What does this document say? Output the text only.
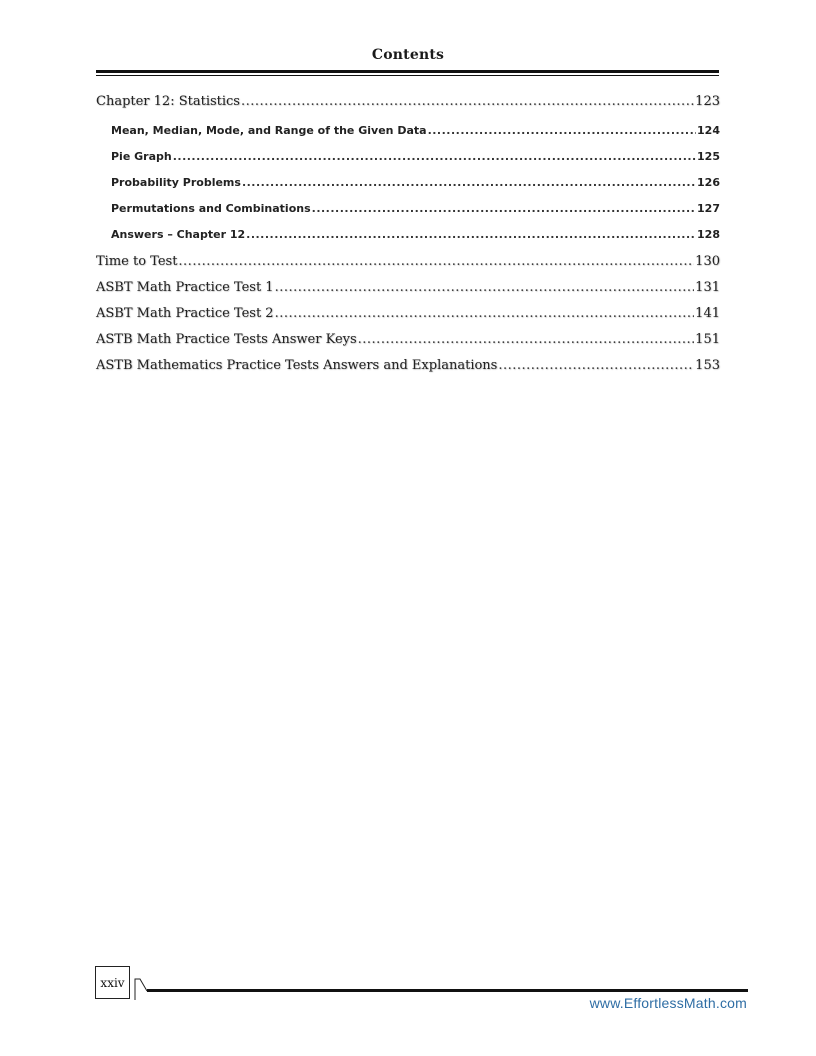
Contents
Chapter 12: Statistics .....	123
Mean, Median, Mode, and Range of the Given Data .....	124
Pie Graph .....	125
Probability Problems .....	126
Permutations and Combinations .....	127
Answers – Chapter 12 .....	128
Time to Test .....	130
ASBT Math Practice Test 1 .....	131
ASBT Math Practice Test 2 .....	141
ASTB Math Practice Tests Answer Keys .....	151
ASTB Mathematics Practice Tests Answers and Explanations .....	153
xxiv
www.EffortlessMath.com
